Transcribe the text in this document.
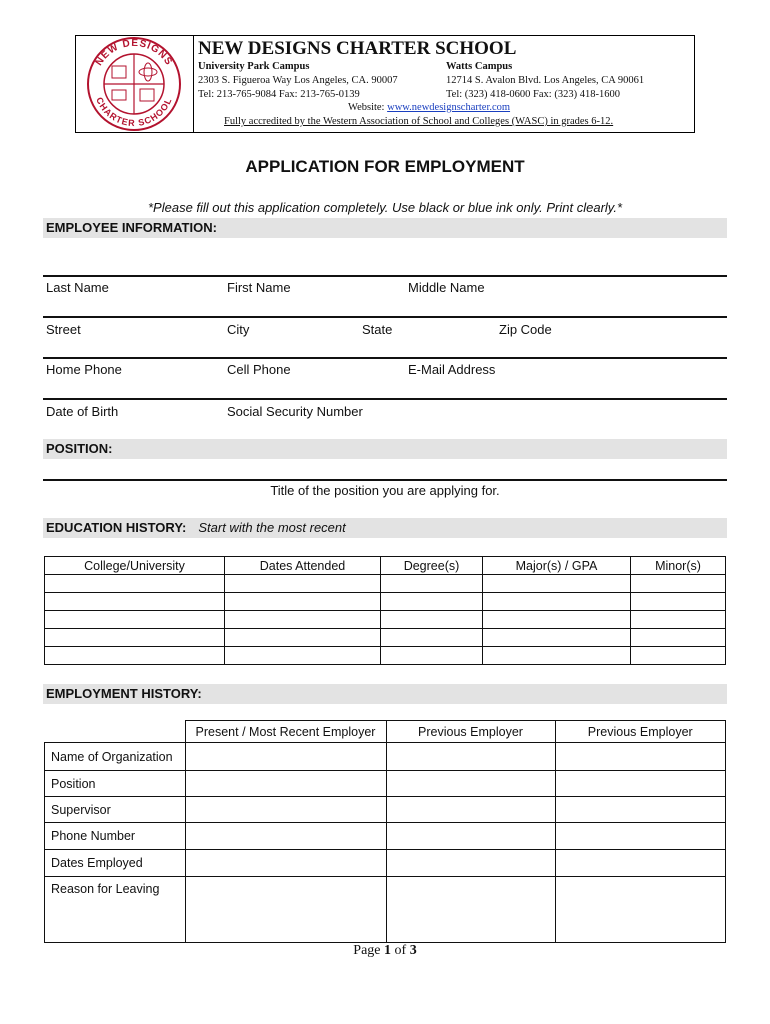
NEW DESIGNS
CHARTER SCHOOL
NEW DESIGNS CHARTER SCHOOL
University Park Campus
2303 S. Figueroa Way Los Angeles, CA. 90007
Tel: 213-765-9084 Fax: 213-765-0139
Watts Campus
12714 S. Avalon Blvd. Los Angeles, CA 90061
Tel: (323) 418-0600 Fax: (323) 418-1600
Website: www.newdesignscharter.com
Fully accredited by the Western Association of School and Colleges (WASC) in grades 6-12.
APPLICATION FOR EMPLOYMENT
*Please fill out this application completely. Use black or blue ink only. Print clearly.*
EMPLOYEE INFORMATION:
Last Name	First Name	Middle Name
Street	City	State	Zip Code
Home Phone	Cell Phone	E-Mail Address
Date of Birth	Social Security Number
POSITION:
Title of the position you are applying for.
EDUCATION HISTORY: Start with the most recent
College/University	Dates Attended	Degree(s)	Major(s) / GPA	Minor(s)

EMPLOYMENT HISTORY:
	Present / Most Recent Employer	Previous Employer	Previous Employer
Name of Organization			
Position			
Supervisor			
Phone Number			
Dates Employed			
Reason for Leaving			
Page 1 of 3
